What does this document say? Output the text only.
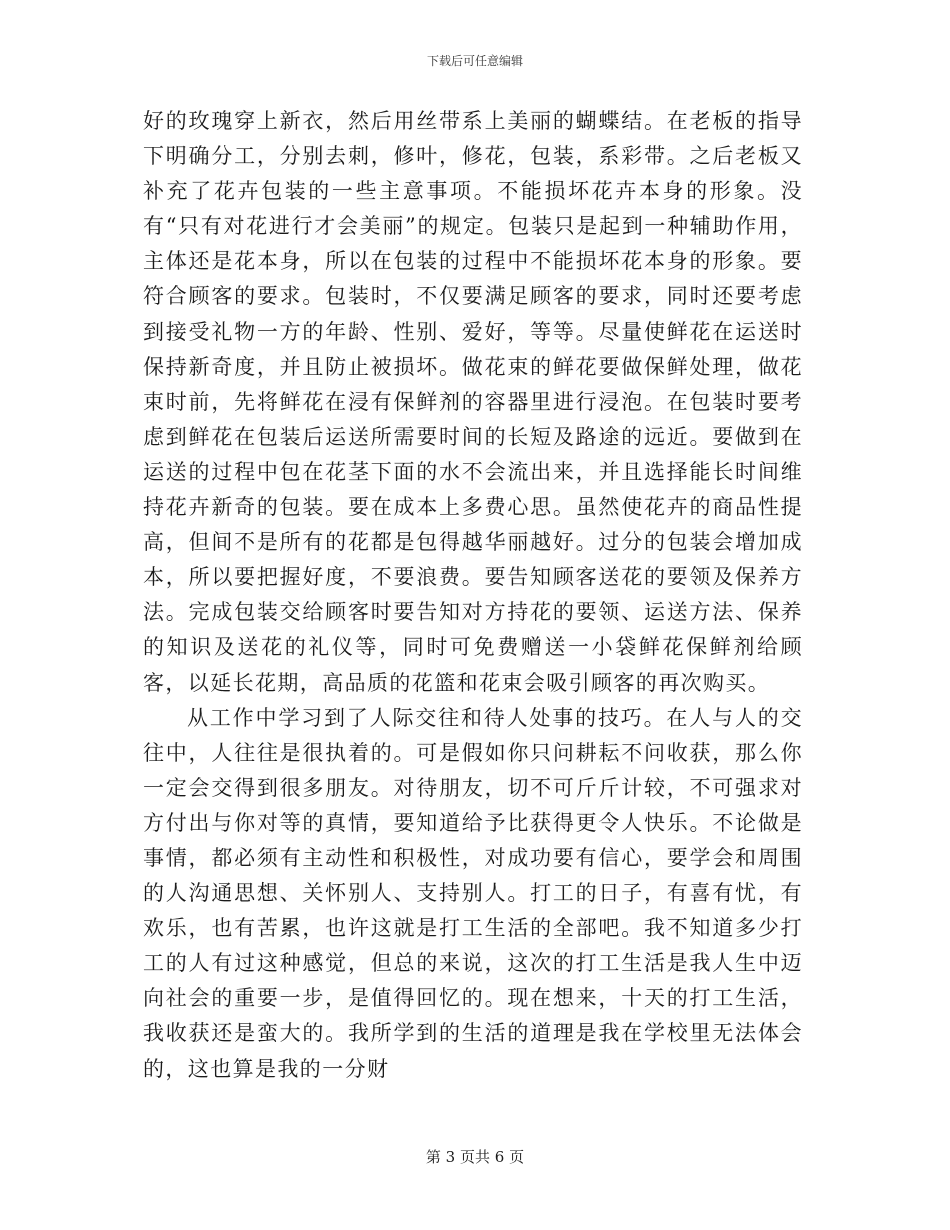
下载后可任意编辑

好的玫瑰穿上新衣，然后用丝带系上美丽的蝴蝶结。在老板的指导下明确分工，分别去刺，修叶，修花，包装，系彩带。之后老板又补充了花卉包装的一些主意事项。不能损坏花卉本身的形象。没有“只有对花进行才会美丽”的规定。包装只是起到一种辅助作用，主体还是花本身，所以在包装的过程中不能损坏花本身的形象。要符合顾客的要求。包装时，不仅要满足顾客的要求，同时还要考虑到接受礼物一方的年龄、性别、爱好，等等。尽量使鲜花在运送时保持新奇度，并且防止被损坏。做花束的鲜花要做保鲜处理，做花束时前，先将鲜花在浸有保鲜剂的容器里进行浸泡。在包装时要考虑到鲜花在包装后运送所需要时间的长短及路途的远近。要做到在运送的过程中包在花茎下面的水不会流出来，并且选择能长时间维持花卉新奇的包装。要在成本上多费心思。虽然使花卉的商品性提高，但间不是所有的花都是包得越华丽越好。过分的包装会增加成本，所以要把握好度，不要浪费。要告知顾客送花的要领及保养方法。完成包装交给顾客时要告知对方持花的要领、运送方法、保养的知识及送花的礼仪等，同时可免费赠送一小袋鲜花保鲜剂给顾客，以延长花期，高品质的花篮和花束会吸引顾客的再次购买。

从工作中学习到了人际交往和待人处事的技巧。在人与人的交往中，人往往是很执着的。可是假如你只问耕耘不问收获，那么你一定会交得到很多朋友。对待朋友，切不可斤斤计较，不可强求对方付出与你对等的真情，要知道给予比获得更令人快乐。不论做是事情，都必须有主动性和积极性，对成功要有信心，要学会和周围的人沟通思想、关怀别人、支持别人。打工的日子，有喜有忧，有欢乐，也有苦累，也许这就是打工生活的全部吧。我不知道多少打工的人有过这种感觉，但总的来说，这次的打工生活是我人生中迈向社会的重要一步，是值得回忆的。现在想来，十天的打工生活，我收获还是蛮大的。我所学到的生活的道理是我在学校里无法体会的，这也算是我的一分财

第 3 页共 6 页
